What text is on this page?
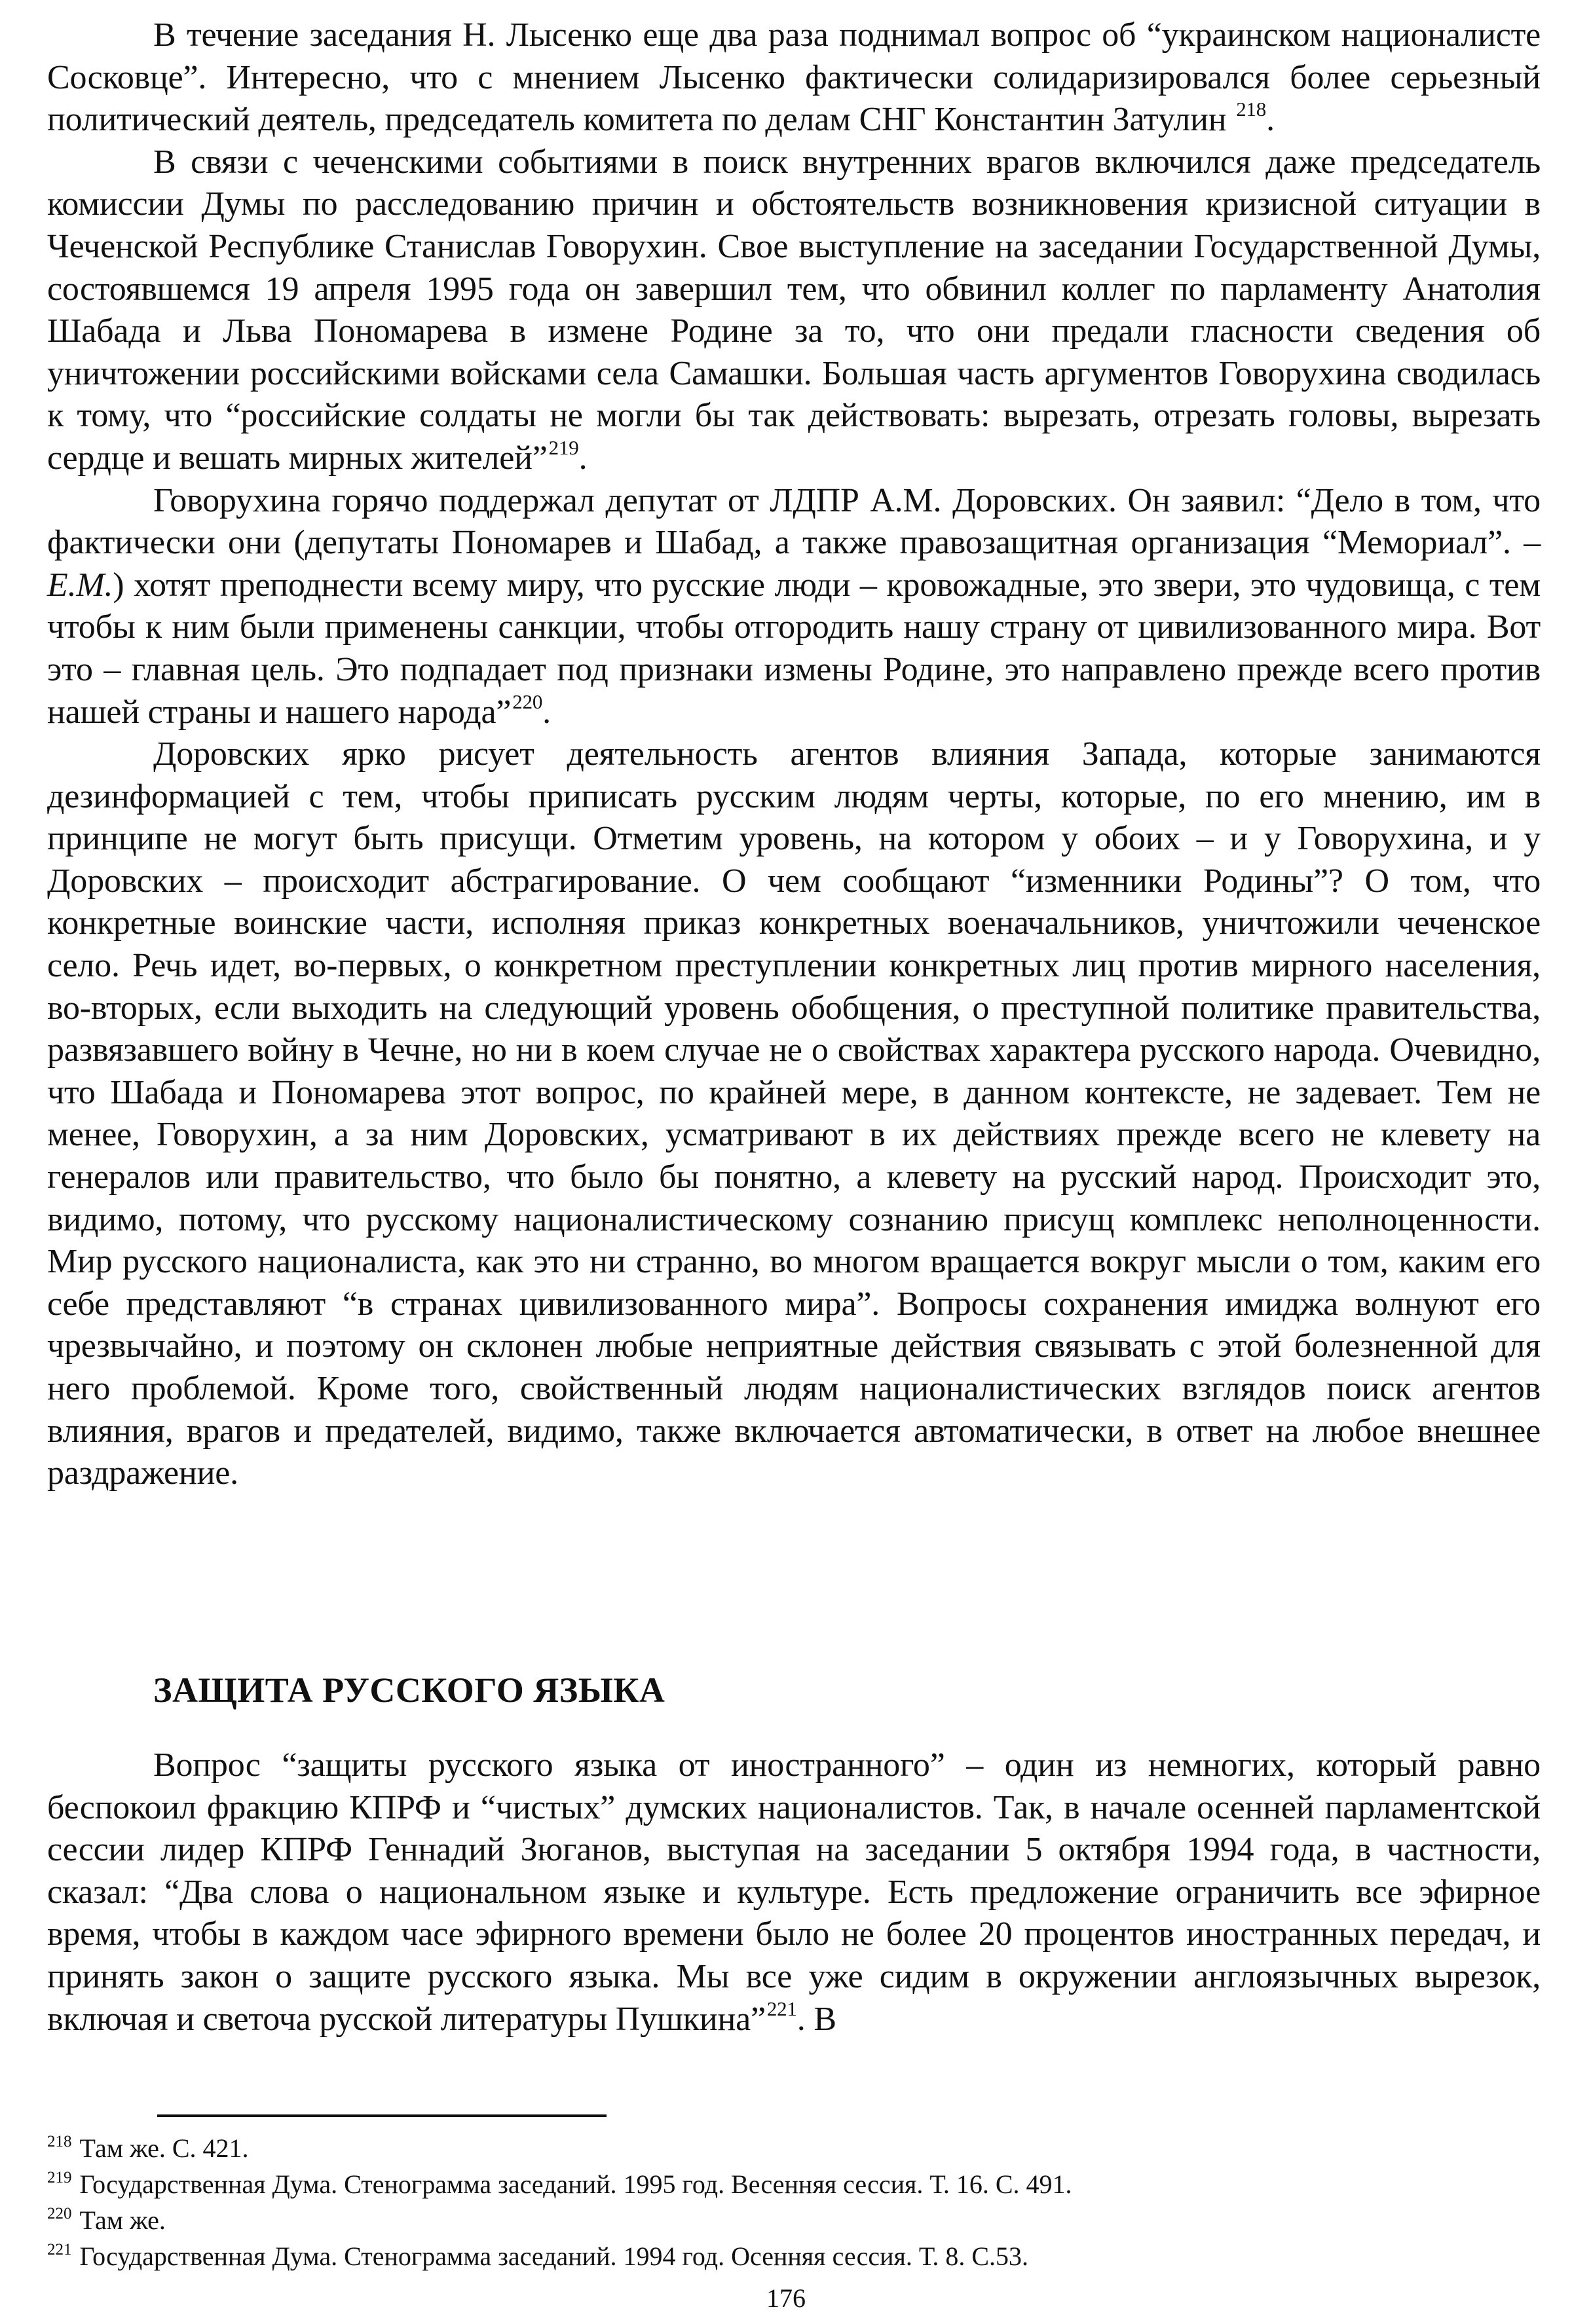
В течение заседания Н. Лысенко еще два раза поднимал вопрос об “украинском националисте Сосковце”. Интересно, что с мнением Лысенко фактически солидаризировался более серьезный политический деятель, председатель комитета по делам СНГ Константин Затулин $^{218}$.

В связи с чеченскими событиями в поиск внутренних врагов включился даже председатель комиссии Думы по расследованию причин и обстоятельств возникновения кризисной ситуации в Чеченской Республике Станислав Говорухин. Свое выступление на заседании Государственной Думы, состоявшемся 19 апреля 1995 года он завершил тем, что обвинил коллег по парламенту Анатолия Шабада и Льва Пономарева в измене Родине за то, что они предали гласности сведения об уничтожении российскими войсками села Самашки. Большая часть аргументов Говорухина сводилась к тому, что “российские солдаты не могли бы так действовать: вырезать, отрезать головы, вырезать сердце и вешать мирных жителей”$^{219}$.

Говорухина горячо поддержал депутат от ЛДПР А.М. Доровских. Он заявил: “Дело в том, что фактически они (депутаты Пономарев и Шабад, а также правозащитная организация “Мемориал”. – Е.М.) хотят преподнести всему миру, что русские люди – кровожадные, это звери, это чудовища, с тем чтобы к ним были применены санкции, чтобы отгородить нашу страну от цивилизованного мира. Вот это – главная цель. Это подпадает под признаки измены Родине, это направлено прежде всего против нашей страны и нашего народа”$^{220}$.

Доровских ярко рисует деятельность агентов влияния Запада, которые занимаются дезинформацией с тем, чтобы приписать русским людям черты, которые, по его мнению, им в принципе не могут быть присущи. Отметим уровень, на котором у обоих – и у Говорухина, и у Доровских – происходит абстрагирование. О чем сообщают “изменники Родины”? О том, что конкретные воинские части, исполняя приказ конкретных военачальников, уничтожили чеченское село. Речь идет, во-первых, о конкретном преступлении конкретных лиц против мирного населения, во-вторых, если выходить на следующий уровень обобщения, о преступной политике правительства, развязавшего войну в Чечне, но ни в коем случае не о свойствах характера русского народа. Очевидно, что Шабада и Пономарева этот вопрос, по крайней мере, в данном контексте, не задевает. Тем не менее, Говорухин, а за ним Доровских, усматривают в их действиях прежде всего не клевету на генералов или правительство, что было бы понятно, а клевету на русский народ. Происходит это, видимо, потому, что русскому националистическому сознанию присущ комплекс неполноценности. Мир русского националиста, как это ни странно, во многом вращается вокруг мысли о том, каким его себе представляют “в странах цивилизованного мира”. Вопросы сохранения имиджа волнуют его чрезвычайно, и поэтому он склонен любые неприятные действия связывать с этой болезненной для него проблемой. Кроме того, свойственный людям националистических взглядов поиск агентов влияния, врагов и предателей, видимо, также включается автоматически, в ответ на любое внешнее раздражение.

ЗАЩИТА РУССКОГО ЯЗЫКА

Вопрос “защиты русского языка от иностранного” – один из немногих, который равно беспокоил фракцию КПРФ и “чистых” думских националистов. Так, в начале осенней парламентской сессии лидер КПРФ Геннадий Зюганов, выступая на заседании 5 октября 1994 года, в частности, сказал: “Два слова о национальном языке и культуре. Есть предложение ограничить все эфирное время, чтобы в каждом часе эфирного времени было не более 20 процентов иностранных передач, и принять закон о защите русского языка. Мы все уже сидим в окружении англоязычных вырезок, включая и светоча русской литературы Пушкина”$^{221}$. В

$^{218}$ Там же. С. 421.
$^{219}$ Государственная Дума. Стенограмма заседаний. 1995 год. Весенняя сессия. Т. 16. С. 491.
$^{220}$ Там же.
$^{221}$ Государственная Дума. Стенограмма заседаний. 1994 год. Осенняя сессия. Т. 8. С.53.
176
